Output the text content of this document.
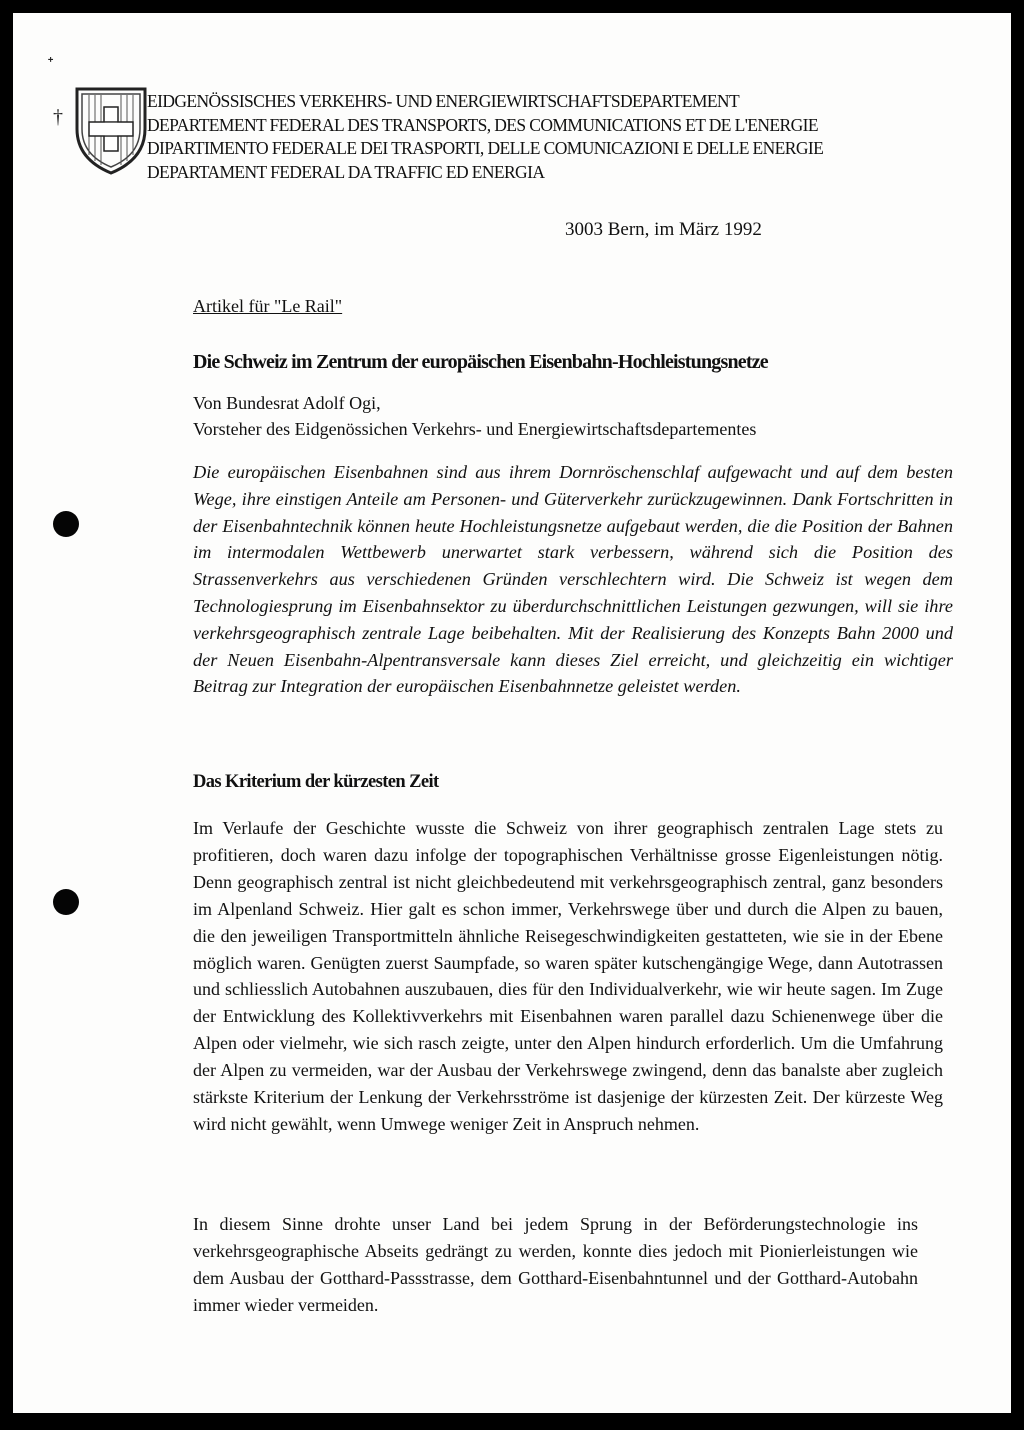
ᐩ
†
EIDGENÖSSISCHES VERKEHRS- UND ENERGIEWIRTSCHAFTSDEPARTEMENT
DEPARTEMENT FEDERAL DES TRANSPORTS, DES COMMUNICATIONS ET DE L'ENERGIE
DIPARTIMENTO FEDERALE DEI TRASPORTI, DELLE COMUNICAZIONI E DELLE ENERGIE
DEPARTAMENT FEDERAL DA TRAFFIC ED ENERGIA
3003 Bern, im März 1992
Artikel für "Le Rail"
Die Schweiz im Zentrum der europäischen Eisenbahn-Hochleistungsnetze
Von Bundesrat Adolf Ogi,
Vorsteher des Eidgenössichen Verkehrs- und Energiewirtschaftsdepartementes

Die europäischen Eisenbahnen sind aus ihrem Dornröschenschlaf aufgewacht und auf dem besten Wege, ihre einstigen Anteile am Personen- und Güterverkehr zurückzugewinnen. Dank Fortschritten in der Eisenbahntechnik können heute Hochleistungsnetze aufgebaut werden, die die Position der Bahnen im intermodalen Wettbewerb unerwartet stark verbessern, während sich die Position des Strassenverkehrs aus verschiedenen Gründen verschlechtern wird. Die Schweiz ist wegen dem Technologiesprung im Eisenbahnsektor zu überdurchschnittlichen Leistungen gezwungen, will sie ihre verkehrsgeographisch zentrale Lage beibehalten. Mit der Realisierung des Konzepts Bahn 2000 und der Neuen Eisenbahn-Alpentransversale kann dieses Ziel erreicht, und gleichzeitig ein wichtiger Beitrag zur Integration der europäischen Eisenbahnnetze geleistet werden.

Das Kriterium der kürzesten Zeit

Im Verlaufe der Geschichte wusste die Schweiz von ihrer geographisch zentralen Lage stets zu profitieren, doch waren dazu infolge der topographischen Verhältnisse grosse Eigenleistungen nötig. Denn geographisch zentral ist nicht gleichbedeutend mit verkehrsgeographisch zentral, ganz besonders im Alpenland Schweiz. Hier galt es schon immer, Verkehrswege über und durch die Alpen zu bauen, die den jeweiligen Transportmitteln ähnliche Reisegeschwindigkeiten gestatteten, wie sie in der Ebene möglich waren. Genügten zuerst Saumpfade, so waren später kutschengängige Wege, dann Autotrassen und schliesslich Autobahnen auszubauen, dies für den Individualverkehr, wie wir heute sagen. Im Zuge der Entwicklung des Kollektivverkehrs mit Eisenbahnen waren parallel dazu Schienenwege über die Alpen oder vielmehr, wie sich rasch zeigte, unter den Alpen hindurch erforderlich. Um die Umfahrung der Alpen zu vermeiden, war der Ausbau der Verkehrswege zwingend, denn das banalste aber zugleich stärkste Kriterium der Lenkung der Verkehrsströme ist dasjenige der kürzesten Zeit. Der kürzeste Weg wird nicht gewählt, wenn Umwege weniger Zeit in Anspruch nehmen.

In diesem Sinne drohte unser Land bei jedem Sprung in der Beförderungstechnologie ins verkehrsgeographische Abseits gedrängt zu werden, konnte dies jedoch mit Pionierleistungen wie dem Ausbau der Gotthard-Passstrasse, dem Gotthard-Eisenbahntunnel und der Gotthard-Autobahn immer wieder vermeiden.
